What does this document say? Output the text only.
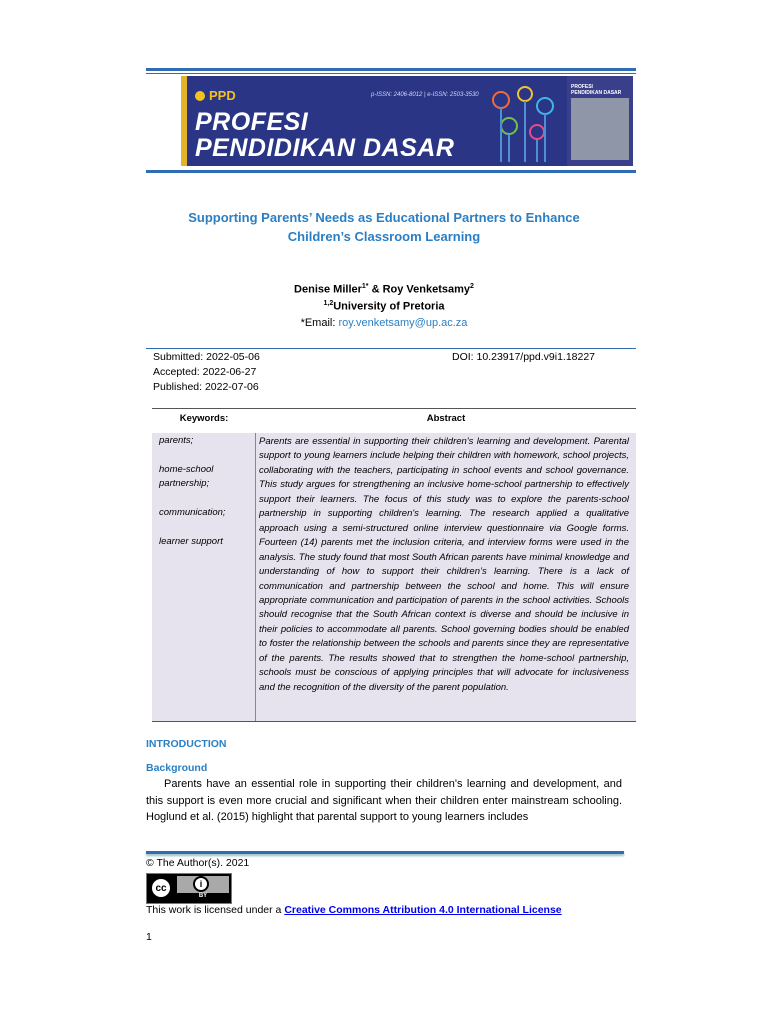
PPD	p-ISSN: 2406-8012 | e-ISSN: 2503-3530
PROFESI
PENDIDIKAN DASAR
PROFESI
PENDIDIKAN DASAR
Supporting Parents’ Needs as Educational Partners to Enhance
Children’s Classroom Learning
Denise Miller$^{1*}$ & Roy Venketsamy$^2$
$^{1,2}$University of Pretoria
*Email: roy.venketsamy@up.ac.za
Submitted: 2022-05-06
Accepted: 2022-06-27
Published: 2022-07-06
DOI: 10.23917/ppd.v9i1.18227
Keywords:	Abstract
parents;
home-school
partnership;
communication;
learner support
Parents are essential in supporting their children's learning and development. Parental support to young learners include helping their children with homework, school projects, collaborating with the teachers, participating in school events and school governance. This study argues for strengthening an inclusive home-school partnership to effectively support their learners. The focus of this study was to explore the parents-school partnership in supporting children's learning. The research applied a qualitative approach using a semi-structured online interview questionnaire via Google forms. Fourteen (14) parents met the inclusion criteria, and interview forms were used in the analysis. The study found that most South African parents have minimal knowledge and understanding of how to support their children’s learning. There is a lack of communication and partnership between the school and home. This will ensure appropriate communication and participation of parents in the school activities. Schools should recognise that the South African context is diverse and should be inclusive in their policies to accommodate all parents. School governing bodies should be enabled to foster the relationship between the schools and parents since they are representative of the parents. The results showed that to strengthen the home-school partnership, schools must be conscious of applying principles that will advocate for inclusiveness and the recognition of the diversity of the parent population.
INTRODUCTION
Background
Parents have an essential role in supporting their children's learning and development, and this support is even more crucial and significant when their children enter mainstream schooling. Hoglund et al. (2015) highlight that parental support to young learners includes
© The Author(s). 2021
cc	i
BY
This work is licensed under a Creative Commons Attribution 4.0 International License
1
